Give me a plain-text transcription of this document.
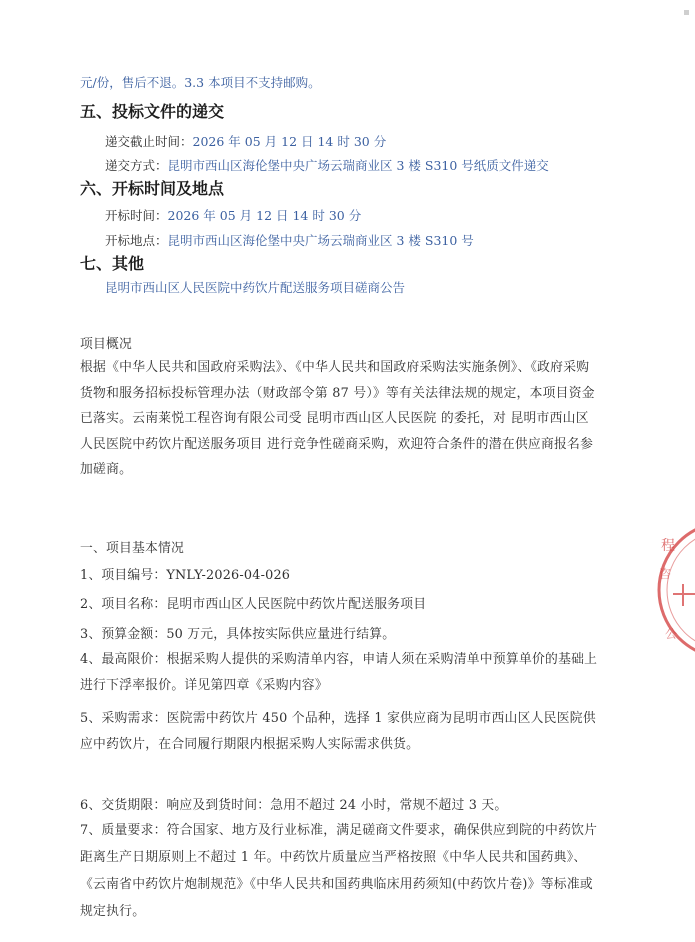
元/份，售后不退。3.3 本项目不支持邮购。
五、投标文件的递交
递交截止时间：2026 年 05 月 12 日 14 时 30 分
递交方式：昆明市西山区海伦堡中央广场云瑞商业区 3 楼 S310 号纸质文件递交
六、开标时间及地点
开标时间：2026 年 05 月 12 日 14 时 30 分
开标地点：昆明市西山区海伦堡中央广场云瑞商业区 3 楼 S310 号
七、其他
昆明市西山区人民医院中药饮片配送服务项目磋商公告
项目概况
根据《中华人民共和国政府采购法》、《中华人民共和国政府采购法实施条例》、《政府采购货物和服务招标投标管理办法（财政部令第 87 号）》等有关法律法规的规定，本项目资金已落实。云南莱悦工程咨询有限公司受 昆明市西山区人民医院 的委托，对 昆明市西山区人民医院中药饮片配送服务项目 进行竞争性磋商采购，欢迎符合条件的潜在供应商报名参加磋商。
一、项目基本情况
1、项目编号：YNLY-2026-04-026
2、项目名称：昆明市西山区人民医院中药饮片配送服务项目
3、预算金额：50 万元，具体按实际供应量进行结算。
4、最高限价：根据采购人提供的采购清单内容，申请人须在采购清单中预算单价的基础上进行下浮率报价。详见第四章《采购内容》
5、采购需求：医院需中药饮片 450 个品种，选择 1 家供应商为昆明市西山区人民医院供应中药饮片，在合同履行期限内根据采购人实际需求供货。
6、交货期限：响应及到货时间：急用不超过 24 小时，常规不超过 3 天。
7、质量要求：符合国家、地方及行业标准，满足磋商文件要求，确保供应到院的中药饮片距离生产日期原则上不超过 1 年。中药饮片质量应当严格按照《中华人民共和国药典》、《云南省中药饮片炮制规范》《中华人民共和国药典临床用药须知(中药饮片卷)》等标准或规定执行。
程
咨
公
